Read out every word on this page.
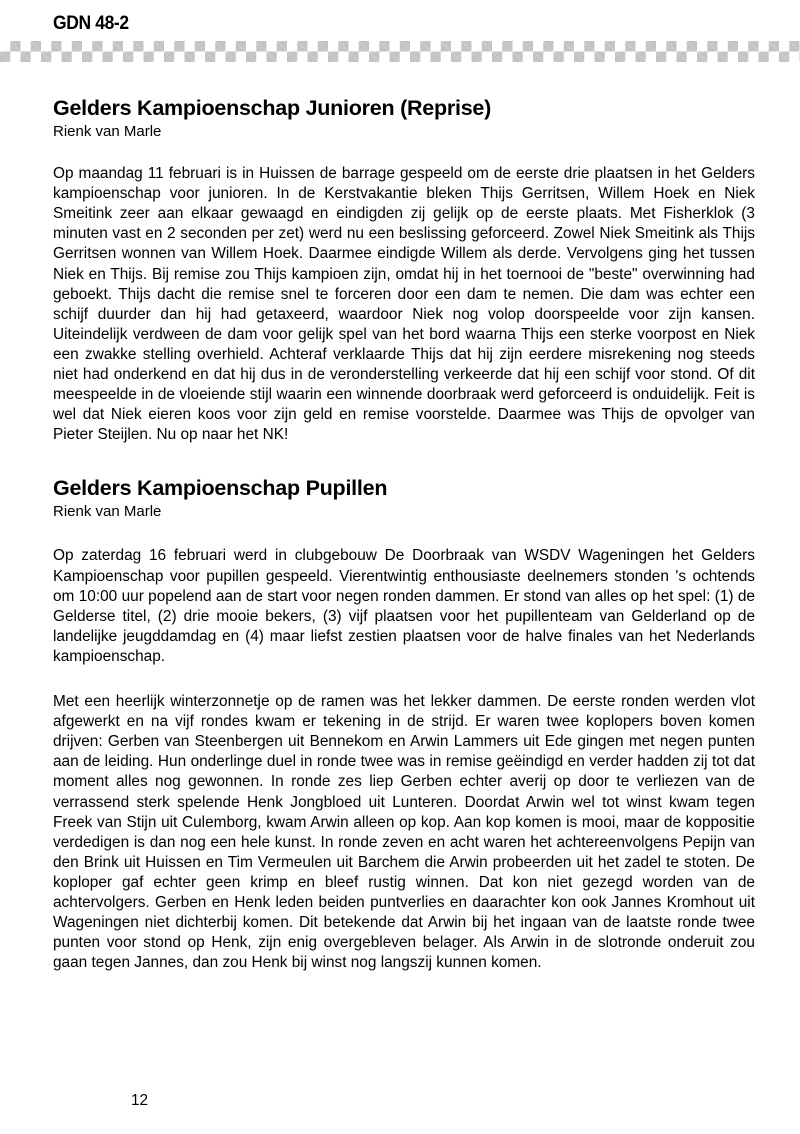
GDN 48-2
Gelders Kampioenschap Junioren (Reprise)
Rienk van Marle

Op maandag 11 februari is in Huissen de barrage gespeeld om de eerste drie plaatsen in het Gelders kampioenschap voor junioren. In de Kerstvakantie bleken Thijs Gerritsen, Willem Hoek en Niek Smeitink zeer aan elkaar gewaagd en eindigden zij gelijk op de eerste plaats. Met Fisherklok (3 minuten vast en 2 seconden per zet) werd nu een beslissing geforceerd. Zowel Niek Smeitink als Thijs Gerritsen wonnen van Willem Hoek. Daarmee eindigde Willem als derde. Vervolgens ging het tussen Niek en Thijs. Bij remise zou Thijs kampioen zijn, omdat hij in het toernooi de "beste" overwinning had geboekt. Thijs dacht die remise snel te forceren door een dam te nemen. Die dam was echter een schijf duurder dan hij had getaxeerd, waardoor Niek nog volop doorspeelde voor zijn kansen. Uiteindelijk verdween de dam voor gelijk spel van het bord waarna Thijs een sterke voorpost en Niek een zwakke stelling overhield. Achteraf verklaarde Thijs dat hij zijn eerdere misrekening nog steeds niet had onderkend en dat hij dus in de veronderstelling verkeerde dat hij een schijf voor stond. Of dit meespeelde in de vloeiende stijl waarin een winnende doorbraak werd geforceerd is onduidelijk. Feit is wel dat Niek eieren koos voor zijn geld en remise voorstelde. Daarmee was Thijs de opvolger van Pieter Steijlen. Nu op naar het NK!

Gelders Kampioenschap Pupillen
Rienk van Marle

Op zaterdag 16 februari werd in clubgebouw De Doorbraak van WSDV Wageningen het Gelders Kampioenschap voor pupillen gespeeld. Vierentwintig enthousiaste deelnemers stonden 's ochtends om 10:00 uur popelend aan de start voor negen ronden dammen. Er stond van alles op het spel: (1) de Gelderse titel, (2) drie mooie bekers, (3) vijf plaatsen voor het pupillenteam van Gelderland op de landelijke jeugddamdag en (4) maar liefst zestien plaatsen voor de halve finales van het Nederlands kampioenschap.

Met een heerlijk winterzonnetje op de ramen was het lekker dammen. De eerste ronden werden vlot afgewerkt en na vijf rondes kwam er tekening in de strijd. Er waren twee koplopers boven komen drijven: Gerben van Steenbergen uit Bennekom en Arwin Lammers uit Ede gingen met negen punten aan de leiding. Hun onderlinge duel in ronde twee was in remise geëindigd en verder hadden zij tot dat moment alles nog gewonnen. In ronde zes liep Gerben echter averij op door te verliezen van de verrassend sterk spelende Henk Jongbloed uit Lunteren. Doordat Arwin wel tot winst kwam tegen Freek van Stijn uit Culemborg, kwam Arwin alleen op kop. Aan kop komen is mooi, maar de koppositie verdedigen is dan nog een hele kunst. In ronde zeven en acht waren het achtereenvolgens Pepijn van den Brink uit Huissen en Tim Vermeulen uit Barchem die Arwin probeerden uit het zadel te stoten. De koploper gaf echter geen krimp en bleef rustig winnen. Dat kon niet gezegd worden van de achtervolgers. Gerben en Henk leden beiden puntverlies en daarachter kon ook Jannes Kromhout uit Wageningen niet dichterbij komen. Dit betekende dat Arwin bij het ingaan van de laatste ronde twee punten voor stond op Henk, zijn enig overgebleven belager. Als Arwin in de slotronde onderuit zou gaan tegen Jannes, dan zou Henk bij winst nog langszij kunnen komen.

12
